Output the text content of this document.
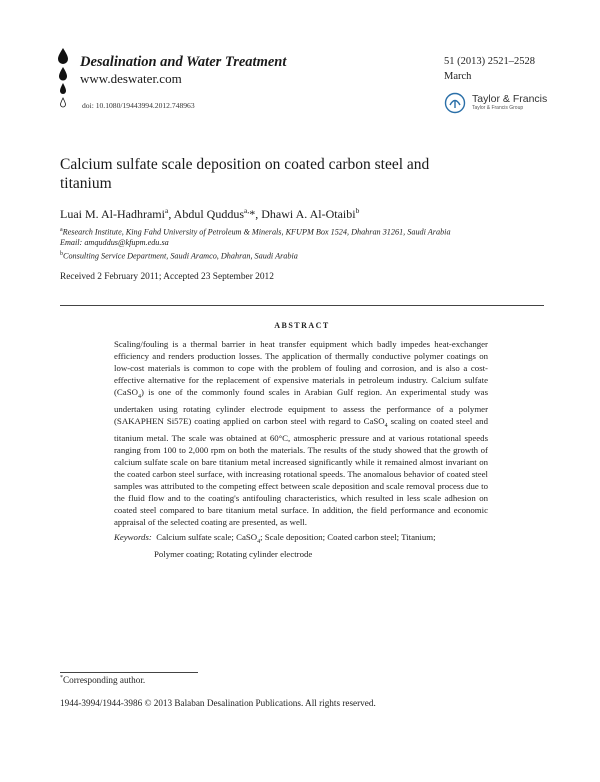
Desalination and Water Treatment
www.deswater.com
doi: 10.1080/19443994.2012.748963
51 (2013) 2521–2528
March
Taylor & Francis
Taylor & Francis Group
Calcium sulfate scale deposition on coated carbon steel and titanium
Luai M. Al-Hadhrami$^a$, Abdul Quddus$^{a,}$*, Dhawi A. Al-Otaibi$^b$
$^a$Research Institute, King Fahd University of Petroleum & Minerals, KFUPM Box 1524, Dhahran 31261, Saudi Arabia
Email: amquddus@kfupm.edu.sa
$^b$Consulting Service Department, Saudi Aramco, Dhahran, Saudi Arabia
Received 2 February 2011; Accepted 23 September 2012
ABSTRACT
Scaling/fouling is a thermal barrier in heat transfer equipment which badly impedes heat-exchanger efficiency and renders production losses. The application of thermally conductive polymer coatings on low-cost materials is common to cope with the problem of fouling and corrosion, and is also a cost-effective alternative for the replacement of expensive materials in petroleum industry. Calcium sulfate (CaSO$_4$) is one of the commonly found scales in Arabian Gulf region. An experimental study was undertaken using rotating cylinder electrode equipment to assess the performance of a polymer (SAKAPHEN Si57E) coating applied on carbon steel with regard to CaSO$_4$ scaling on coated steel and titanium metal. The scale was obtained at 60°C, atmospheric pressure and at various rotational speeds ranging from 100 to 2,000 rpm on both the materials. The results of the study showed that the growth of calcium sulfate scale on bare titanium metal increased significantly while it remained almost invariant on the coated carbon steel surface, with increasing rotational speeds. The anomalous behavior of coated steel samples was attributed to the competing effect between scale deposition and scale removal process due to the fluid flow and to the coating's antifouling characteristics, which resulted in less scale adhesion on coated steel compared to bare titanium metal surface. In addition, the field performance and economic appraisal of the selected coating are presented, as well.
Keywords: Calcium sulfate scale; CaSO$_4$; Scale deposition; Coated carbon steel; Titanium;
Polymer coating; Rotating cylinder electrode
*Corresponding author.
1944-3994/1944-3986 © 2013 Balaban Desalination Publications. All rights reserved.
